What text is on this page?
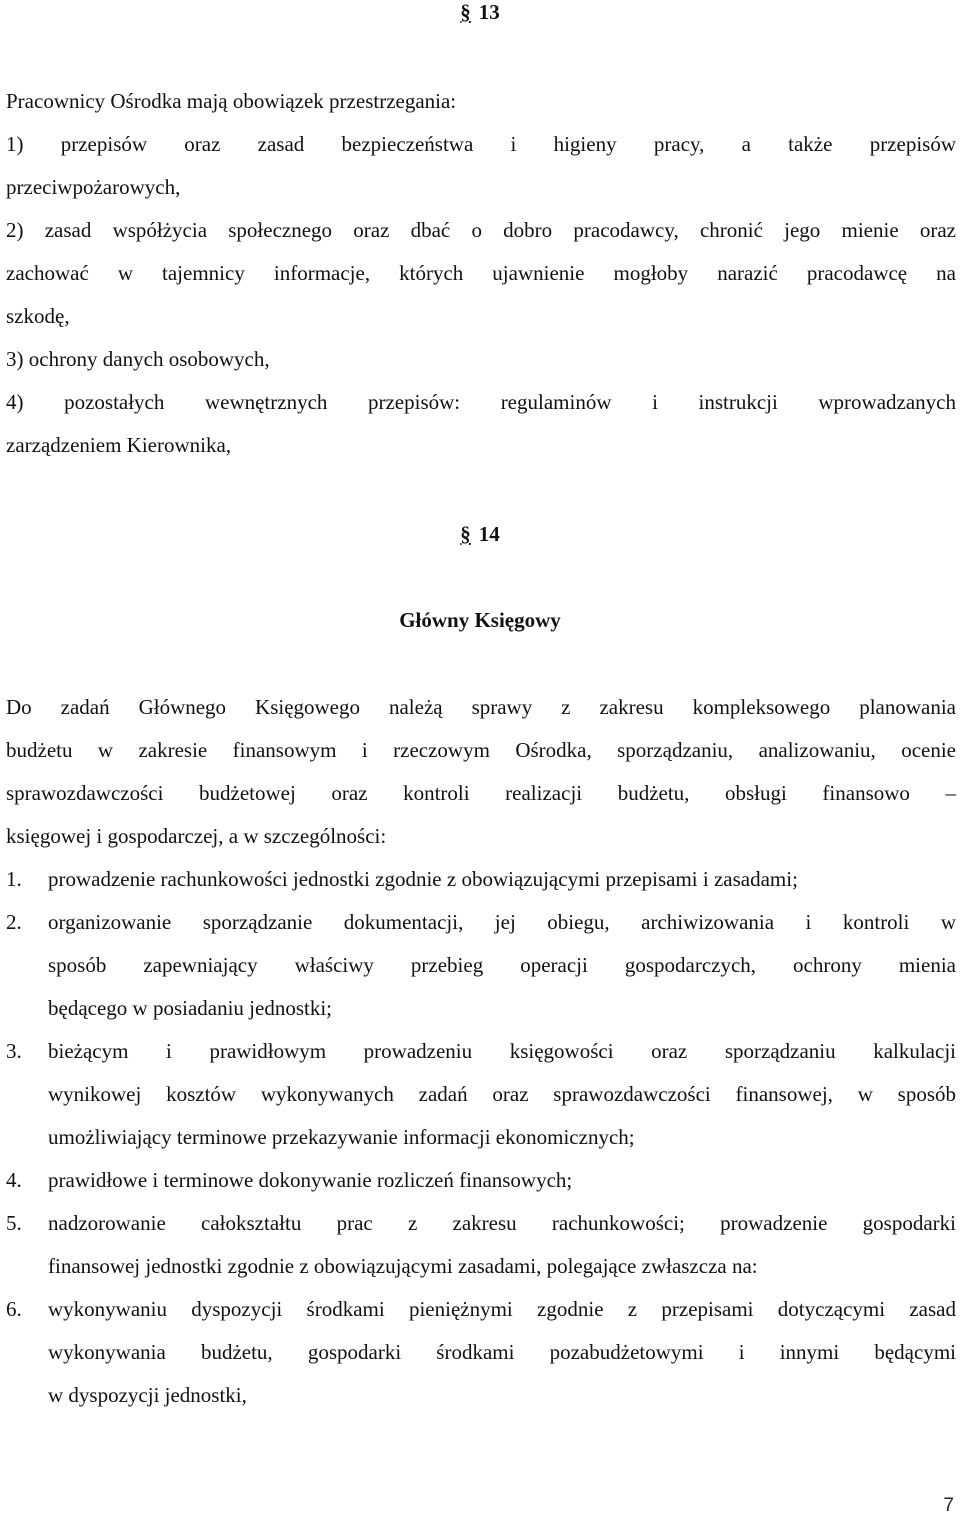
§ 13
Pracownicy Ośrodka mają obowiązek przestrzegania:
1) przepisów oraz zasad bezpieczeństwa i higieny pracy, a także przepisów
przeciwpożarowych,
2) zasad współżycia społecznego oraz dbać o dobro pracodawcy, chronić jego mienie oraz
zachować w tajemnicy informacje, których ujawnienie mogłoby narazić pracodawcę na
szkodę,
3) ochrony danych osobowych,
4) pozostałych wewnętrznych przepisów: regulaminów i instrukcji wprowadzanych
zarządzeniem Kierownika,
§ 14
Główny Księgowy
Do zadań Głównego Księgowego należą sprawy z zakresu kompleksowego planowania
budżetu w zakresie finansowym i rzeczowym Ośrodka, sporządzaniu, analizowaniu, ocenie
sprawozdawczości budżetowej oraz kontroli realizacji budżetu, obsługi finansowo –
księgowej i gospodarczej, a w szczególności:
1. prowadzenie rachunkowości jednostki zgodnie z obowiązującymi przepisami i zasadami;
2. organizowanie sporządzanie dokumentacji, jej obiegu, archiwizowania i kontroli w
sposób zapewniający właściwy przebieg operacji gospodarczych, ochrony mienia
będącego w posiadaniu jednostki;
3. bieżącym i prawidłowym prowadzeniu księgowości oraz sporządzaniu kalkulacji
wynikowej kosztów wykonywanych zadań oraz sprawozdawczości finansowej, w sposób
umożliwiający terminowe przekazywanie informacji ekonomicznych;
4. prawidłowe i terminowe dokonywanie rozliczeń finansowych;
5. nadzorowanie całokształtu prac z zakresu rachunkowości; prowadzenie gospodarki
finansowej jednostki zgodnie z obowiązującymi zasadami, polegające zwłaszcza na:
6. wykonywaniu dyspozycji środkami pieniężnymi zgodnie z przepisami dotyczącymi zasad
wykonywania budżetu, gospodarki środkami pozabudżetowymi i innymi będącymi
w dyspozycji jednostki,
7
